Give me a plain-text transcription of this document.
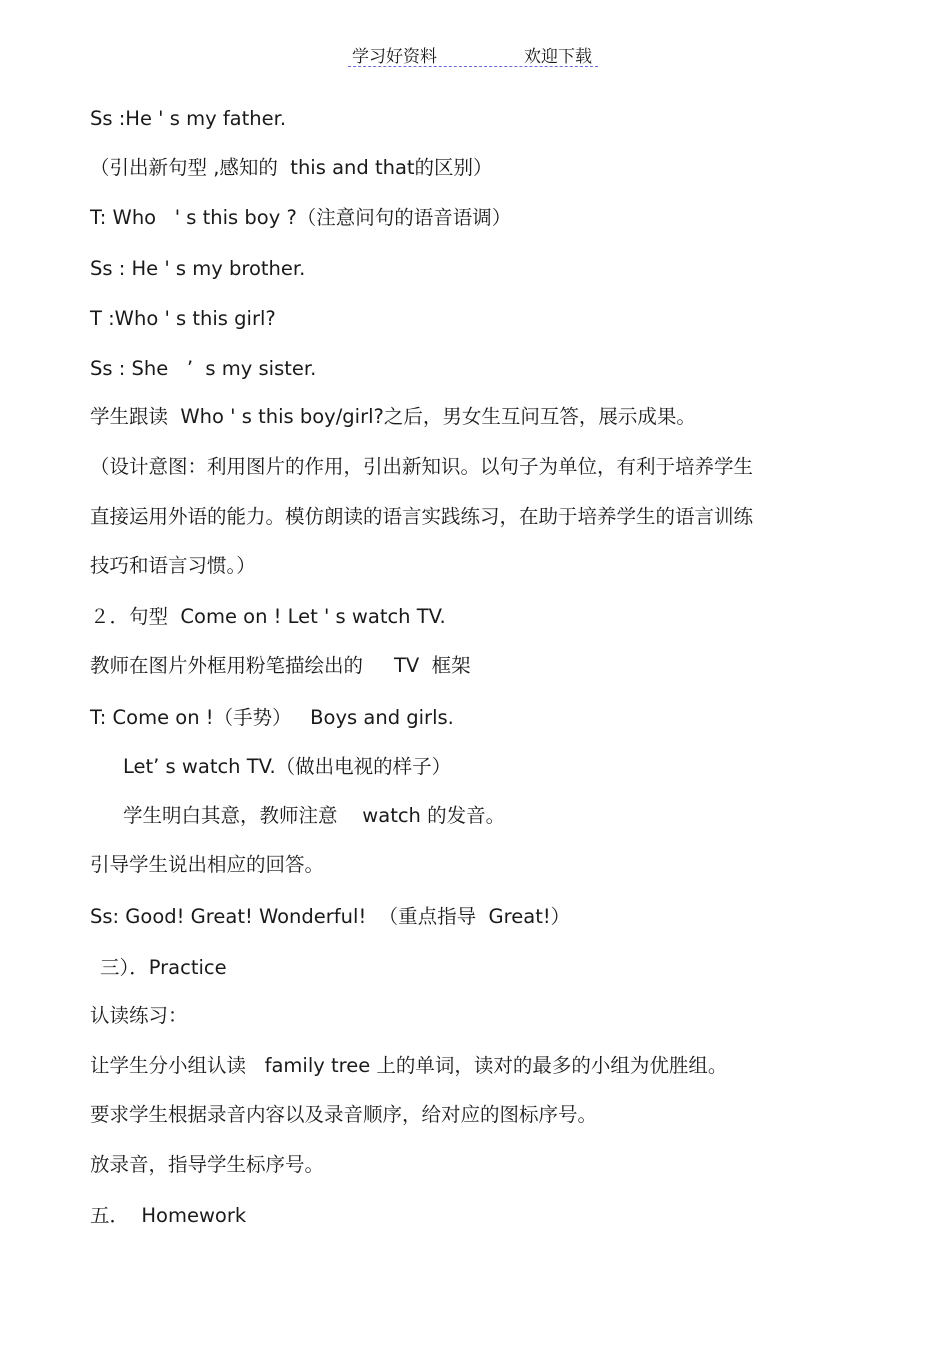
学习好资料	欢迎下载
Ss :He ' s my father.
（引出新句型 ,感知的  this and that的区别）
T: Who   ' s this boy ?（注意问句的语音语调）
Ss : He ' s my brother.
T :Who ' s this girl?
Ss : She   ’  s my sister.
学生跟读  Who ' s this boy/girl?之后，男女生互问互答，展示成果。
（设计意图：利用图片的作用，引出新知识。以句子为单位，有利于培养学生
直接运用外语的能力。模仿朗读的语言实践练习，在助于培养学生的语言训练
技巧和语言习惯。）
２．句型  Come on ! Let ' s watch TV.
教师在图片外框用粉笔描绘出的     TV  框架
T: Come on !（手势）   Boys and girls.
Let’ s watch TV.（做出电视的样子）
学生明白其意，教师注意    watch 的发音。
引导学生说出相应的回答。
Ss: Good! Great! Wonderful!  （重点指导  Great!）
三）．Practice
认读练习：
让学生分小组认读   family tree 上的单词，读对的最多的小组为优胜组。
要求学生根据录音内容以及录音顺序，给对应的图标序号。
放录音，指导学生标序号。
五．  Homework
